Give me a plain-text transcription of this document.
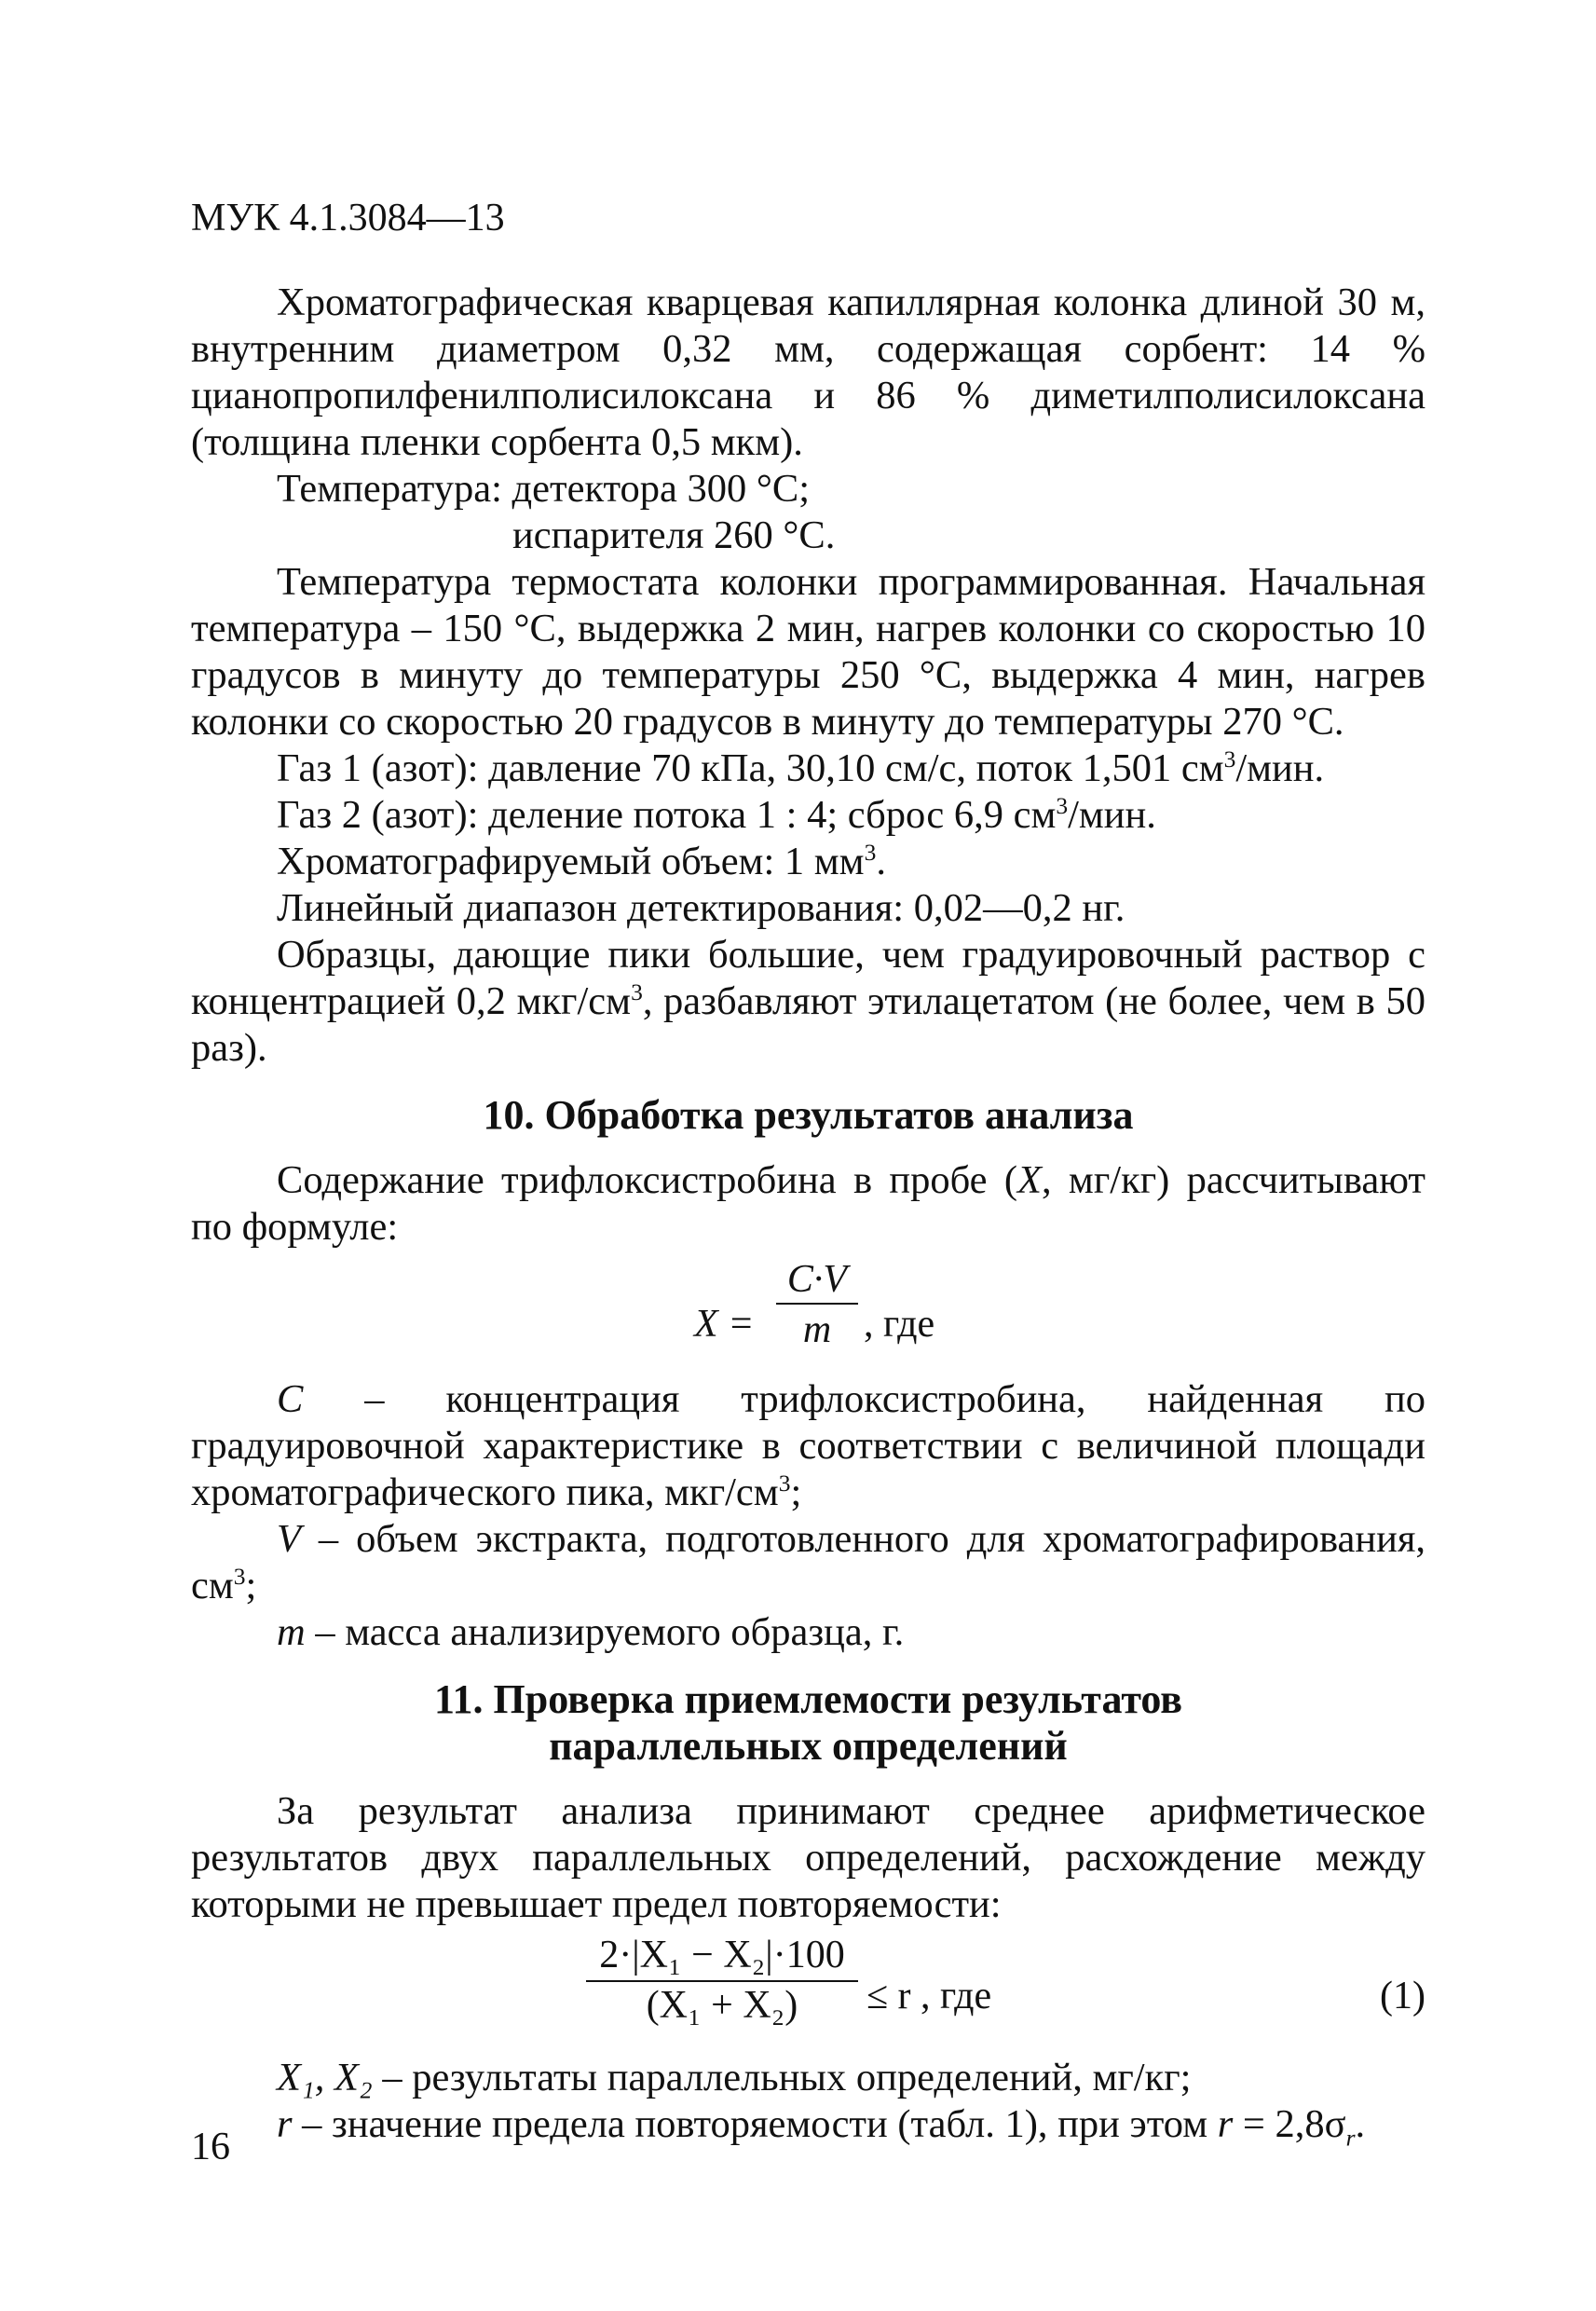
МУК 4.1.3084—13

Хроматографическая кварцевая капиллярная колонка длиной 30 м, внутренним диаметром 0,32 мм, содержащая сорбент: 14 % цианопропилфенилполисилоксана и 86 % диметилполисилоксана (толщина пленки сорбента 0,5 мкм).

Температура: детектора 300 °С;

испарителя 260 °С.

Температура термостата колонки программированная. Начальная температура – 150 °С, выдержка 2 мин, нагрев колонки со скоростью 10 градусов в минуту до температуры 250 °С, выдержка 4 мин, нагрев колонки со скоростью 20 градусов в минуту до температуры 270 °С.

Газ 1 (азот): давление 70 кПа, 30,10 см/с, поток 1,501 $см^3$/мин.

Газ 2 (азот): деление потока 1 : 4; сброс 6,9 $см^3$/мин.

Хроматографируемый объем: 1 $мм^3$.

Линейный диапазон детектирования: 0,02—0,2 нг.

Образцы, дающие пики большие, чем градуировочный раствор с концентрацией 0,2 мкг/$см^3$, разбавляют этилацетатом (не более, чем в 50 раз).

10. Обработка результатов анализа

Содержание трифлоксистробина в пробе (X, мг/кг) рассчитывают по формуле:

X =
C·V
m , где

C – концентрация трифлоксистробина, найденная по градуировочной характеристике в соответствии с величиной площади хроматографического пика, мкг/$см^3$;

V – объем экстракта, подготовленного для хроматографирования, $см^3$;

m – масса анализируемого образца, г.

11. Проверка приемлемости результатов
параллельных определений

За результат анализа принимают среднее арифметическое результатов двух параллельных определений, расхождение между которыми не превышает предел повторяемости:

2·|X₁ − X₂|·100
(X₁ + X₂)	≤ r , где	(1)

X₁, X₂ – результаты параллельных определений, мг/кг;

r – значение предела повторяемости (табл. 1), при этом $r = 2,8\sigma_r$.

16
